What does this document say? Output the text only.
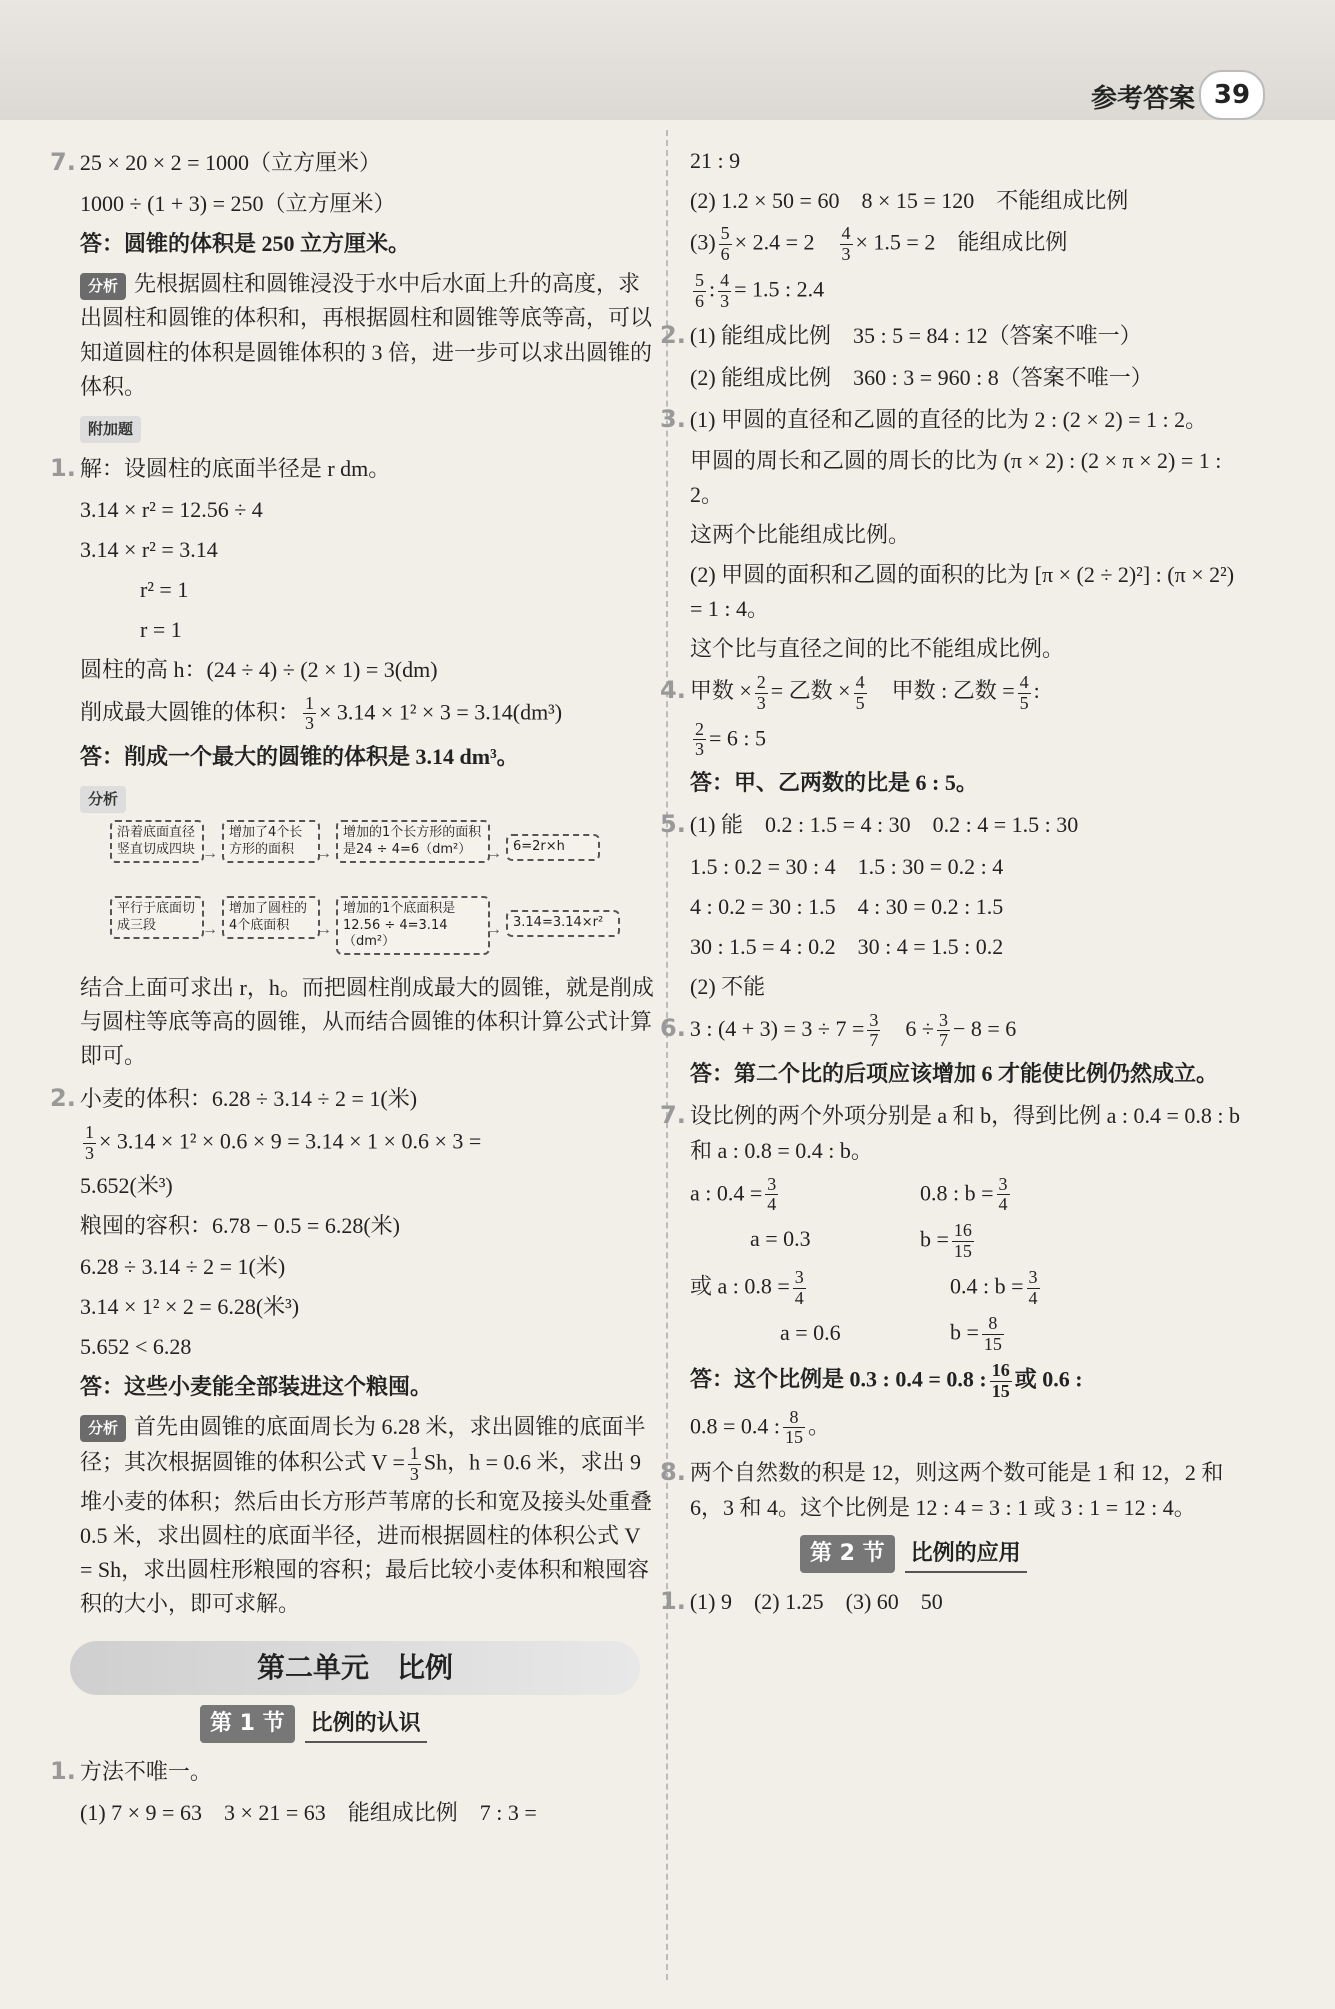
参考答案 39
7. 25 × 20 × 2 = 1000（立方厘米）
1000 ÷ (1 + 3) = 250（立方厘米）
答：圆锥的体积是 250 立方厘米。
分析 先根据圆柱和圆锥浸没于水中后水面上升的高度，求出圆柱和圆锥的体积和，再根据圆柱和圆锥等底等高，可以知道圆柱的体积是圆锥体积的 3 倍，进一步可以求出圆锥的体积。
附加题
1. 解：设圆柱的底面半径是 r dm。
3.14 × r² = 12.56 ÷ 4
3.14 × r² = 3.14
r² = 1
r = 1
圆柱的高 h：(24 ÷ 4) ÷ (2 × 1) = 3(dm)
削成最大圆锥的体积： $\frac{1}{3} \times 3.14 \times 1^2 \times 3 = 3.14(dm^3)$
答：削成一个最大的圆锥的体积是 3.14 dm³。
分析
沿着底面直径竖直切成四块 →
增加了4个长方形的面积	→
增加的1个长方形的面积是24 ÷ 4=6（dm²） → 6=2r×h
平行于底面切成三段	→
增加了圆柱的4个底面积	→
增加的1个底面积是12.56 ÷ 4=3.14（dm²）
→ 3.14=3.14×r²
结合上面可求出 r，h。而把圆柱削成最大的圆锥，就是削成与圆柱等底等高的圆锥，从而结合圆锥的体积计算公式计算即可。
2. 小麦的体积：6.28 ÷ 3.14 ÷ 2 = 1(米)
$\frac{1}{3} \times 3.14 \times 1^2 \times 0.6 \times 9 = 3.14 \times 1 \times 0.6 \times 3$ =
5.652(米³)
粮囤的容积：6.78 − 0.5 = 6.28(米)
6.28 ÷ 3.14 ÷ 2 = 1(米)
3.14 × 1² × 2 = 6.28(米³)
5.652 < 6.28
答：这些小麦能全部装进这个粮囤。
分析 首先由圆锥的底面周长为 6.28 米，求出圆锥的底面半径；其次根据圆锥的体积公式 $V = \frac{1}{3}$ Sh，h = 0.6 米，求出 9 堆小麦的体积；然后由长方形芦苇席的长和宽及接头处重叠 0.5 米，求出圆柱的底面半径，进而根据圆柱的体积公式 V = Sh，求出圆柱形粮囤的容积；最后比较小麦体积和粮囤容积的大小，即可求解。
第二单元　比例
第 1 节 比例的认识
1. 方法不唯一。
(1) 7 × 9 = 63　3 × 21 = 63　能组成比例　7 : 3 =
21 : 9
(2) 1.2 × 50 = 60　8 × 15 = 120　不能组成比例
$(3) \frac{5}{6} \times 2.4 = 2$　 $\frac{4}{3} \times 1.5 = 2$　能组成比例
$\frac{5}{6}$ : $\frac{4}{3} = 1.5$ : 2.4
2. (1) 能组成比例　35 : 5 = 84 : 12（答案不唯一）
(2) 能组成比例　360 : 3 = 960 : 8（答案不唯一）
3. (1) 甲圆的直径和乙圆的直径的比为 2 : (2 × 2) = 1 : 2。
甲圆的周长和乙圆的周长的比为 (π × 2) : (2 × π × 2) = 1 : 2。
这两个比能组成比例。
(2) 甲圆的面积和乙圆的面积的比为 [π × (2 ÷ 2)²] : (π × 2²) = 1 : 4。
这个比与直径之间的比不能组成比例。
4. 甲数 × $\frac{2}{3}$ = 乙数 × $\frac{4}{5}$
　 甲数 : 乙数 = $\frac{4}{5}$ :
$\frac{2}{3} = 6$ : 5
答：甲、乙两数的比是 6 : 5。
5. (1) 能　0.2 : 1.5 = 4 : 30　0.2 : 4 = 1.5 : 30
1.5 : 0.2 = 30 : 4　1.5 : 30 = 0.2 : 4
4 : 0.2 = 30 : 1.5　4 : 30 = 0.2 : 1.5
30 : 1.5 = 4 : 0.2　30 : 4 = 1.5 : 0.2
(2) 不能
6. 3 : $(4 + 3) = 3 \div 7 = \frac{3}{7}$
　 $6 \div \frac{3}{7} - 8 = 6$
答：第二个比的后项应该增加 6 才能使比例仍然成立。
7. 设比例的两个外项分别是 a 和 b，得到比例 a : 0.4 = 0.8 : b 和 a : 0.8 = 0.4 : b。
a : $0.4 = \frac{3}{4}$	0.8 : $b = \frac{3}{4}$
a = 0.3	$b = \frac{16}{15}$
或 a : $0.8 = \frac{3}{4}$	0.4 : $b = \frac{3}{4}$
a = 0.6	$b = \frac{8}{15}$
答：这个比例是 0.3 : 0.4 = 0.8 : $\frac{16}{15}$ 或 0.6 :
0.8 = 0.4 : $\frac{8}{15}$ 。
8. 两个自然数的积是 12，则这两个数可能是 1 和 12，2 和 6，3 和 4。这个比例是 12 : 4 = 3 : 1 或 3 : 1 = 12 : 4。
第 2 节 比例的应用
1. (1) 9　(2) 1.25　(3) 60　50
